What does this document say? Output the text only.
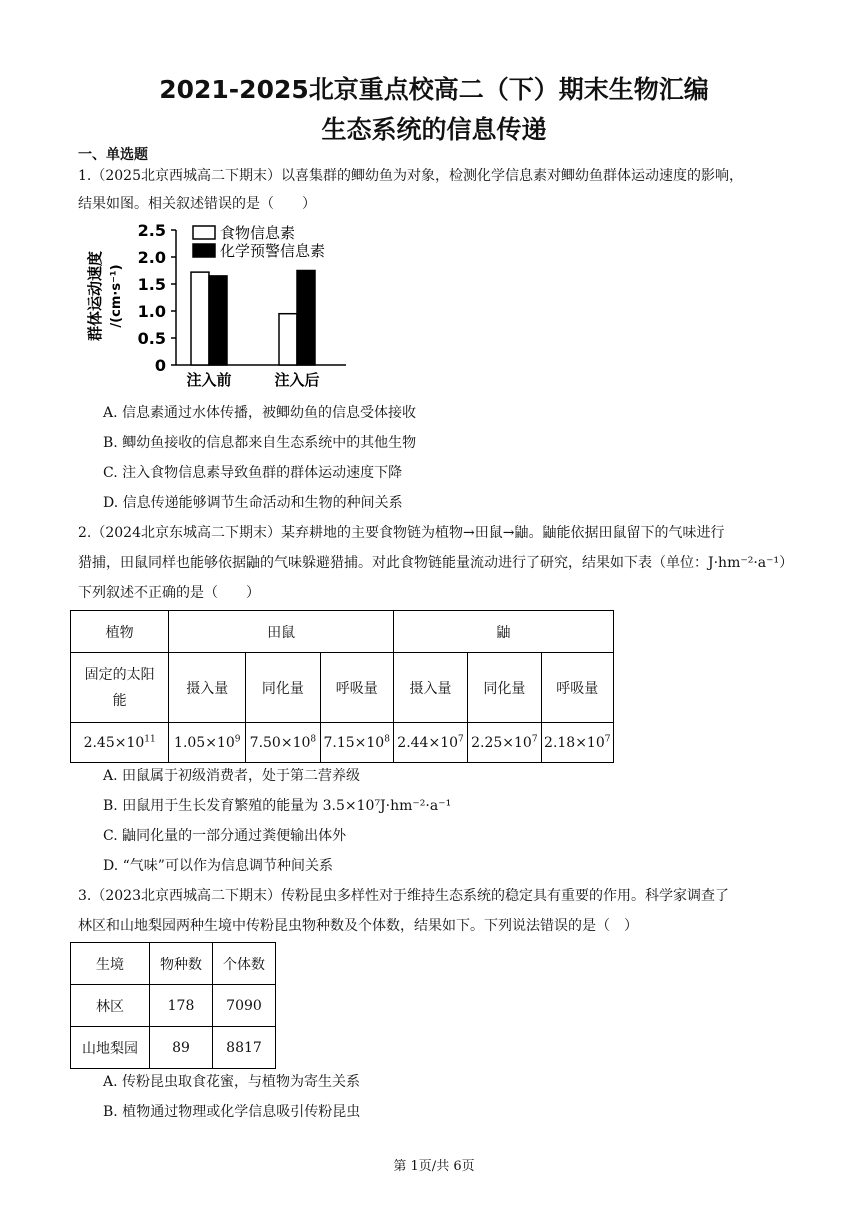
2021-2025北京重点校高二（下）期末生物汇编
生态系统的信息传递
一、单选题
1.（2025北京西城高二下期末）以喜集群的鲫幼鱼为对象，检测化学信息素对鲫幼鱼群体运动速度的影响，
结果如图。相关叙述错误的是（　　）
群体运动速度 /(cm·s⁻¹)
0
0.5
1.0
1.5
2.0
2.5
注入前	注入后
食物信息素
化学预警信息素
A. 信息素通过水体传播，被鲫幼鱼的信息受体接收
B. 鲫幼鱼接收的信息都来自生态系统中的其他生物
C. 注入食物信息素导致鱼群的群体运动速度下降
D. 信息传递能够调节生命活动和生物的种间关系
2.（2024北京东城高二下期末）某弃耕地的主要食物链为植物→田鼠→鼬。鼬能依据田鼠留下的气味进行
猎捕，田鼠同样也能够依据鼬的气味躲避猎捕。对此食物链能量流动进行了研究，结果如下表（单位：J·hm⁻²·a⁻¹）
下列叙述不正确的是（　　）
植物	田鼠			鼬		
固定的太阳
能	摄入量	同化量	呼吸量	摄入量	同化量	呼吸量
$2.45\times 10^{11}$	$1.05\times 10^9$	$7.50\times 10^8$	$7.15\times 10^8$	$2.44\times 10^7$	$2.25\times 10^7$	$2.18\times 10^7$
A. 田鼠属于初级消费者，处于第二营养级
B. 田鼠用于生长发育繁殖的能量为 3.5×10⁷J·hm⁻²·a⁻¹
C. 鼬同化量的一部分通过粪便输出体外
D. “气味”可以作为信息调节种间关系
3.（2023北京西城高二下期末）传粉昆虫多样性对于维持生态系统的稳定具有重要的作用。科学家调查了
林区和山地梨园两种生境中传粉昆虫物种数及个体数，结果如下。下列说法错误的是（　）
生境	物种数	个体数
林区	178	7090
山地梨园	89	8817
A. 传粉昆虫取食花蜜，与植物为寄生关系
B. 植物通过物理或化学信息吸引传粉昆虫
第 1页/共 6页
